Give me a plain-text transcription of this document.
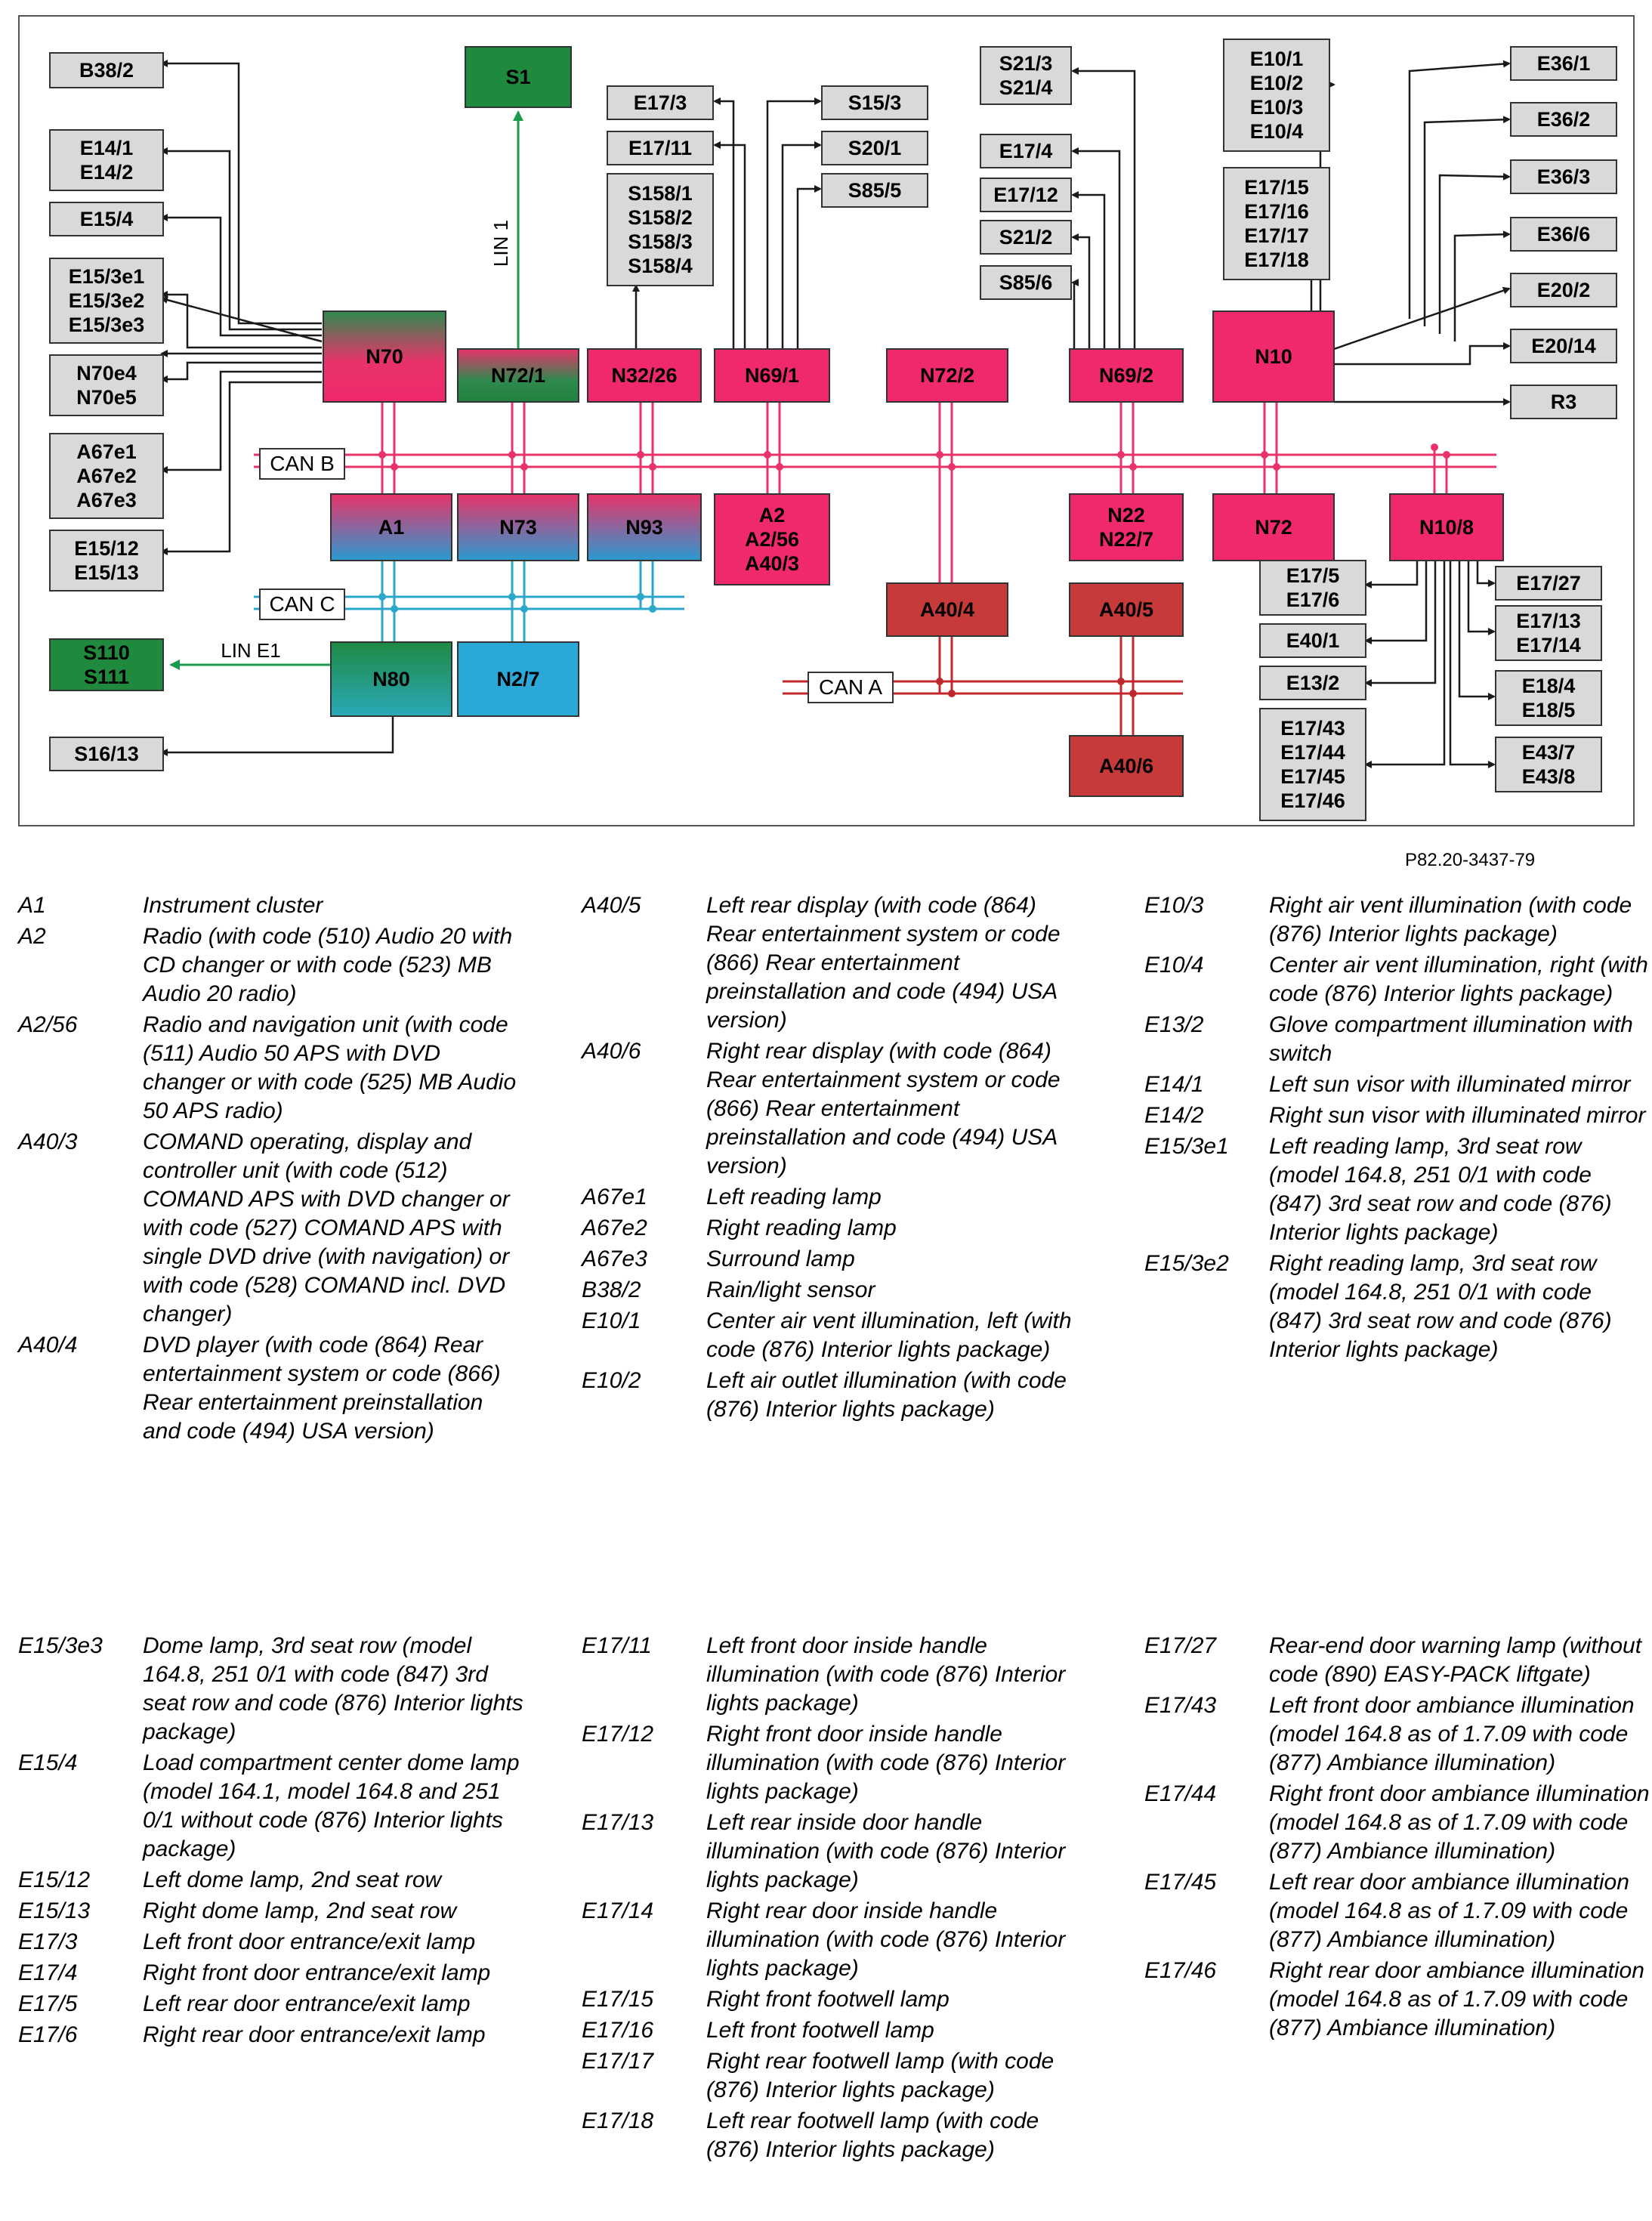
CAN B
CAN C
CAN A
LIN 1
LIN E1
B38/2
E14/1 E14/2
E15/4
E15/3e1 E15/3e2 E15/3e3
N70e4 N70e5
A67e1 A67e2 A67e3
E15/12 E15/13
S110 S111
S16/13
S1
E17/3
E17/11
S158/1 S158/2 S158/3 S158/4
S15/3
S20/1
S85/5
S21/3 S21/4
E17/4
E17/12
S21/2
S85/6
E10/1 E10/2 E10/3 E10/4
E17/15 E17/16 E17/17 E17/18
E36/1
E36/2
E36/3
E36/6
E20/2
E20/14
R3
E17/5 E17/6
E40/1
E13/2
E17/43 E17/44 E17/45 E17/46
E17/27
E17/13 E17/14
E18/4 E18/5
E43/7 E43/8
N70
N72/1	N32/26	N69/1	N72/2	N69/2
N10
A1	N73	N93
A2 A2/56 A40/3
N22 N22/7
N72	N10/8
N80	N2/7
A40/4	A40/5
A40/6
P82.20-3437-79
A1	Instrument cluster
A2	Radio (with code (510) Audio 20 with CD changer or with code (523) MB Audio 20 radio)
A2/56	Radio and navigation unit (with code (511) Audio 50 APS with DVD changer or with code (525) MB Audio 50 APS radio)
A40/3	COMAND operating, display and controller unit (with code (512) COMAND APS with DVD changer or with code (527) COMAND APS with single DVD drive (with navigation) or with code (528) COMAND incl. DVD changer)
A40/4	DVD player (with code (864) Rear entertainment system or code (866) Rear entertainment preinstallation and code (494) USA version)
A40/5	Left rear display (with code (864) Rear entertainment system or code (866) Rear entertainment preinstallation and code (494) USA version)
A40/6	Right rear display (with code (864) Rear entertainment system or code (866) Rear entertainment preinstallation and code (494) USA version)
A67e1	Left reading lamp
A67e2	Right reading lamp
A67e3	Surround lamp
B38/2	Rain/light sensor
E10/1	Center air vent illumination, left (with code (876) Interior lights package)
E10/2	Left air outlet illumination (with code (876) Interior lights package)
E10/3	Right air vent illumination (with code (876) Interior lights package)
E10/4	Center air vent illumination, right (with code (876) Interior lights package)
E13/2	Glove compartment illumination with switch
E14/1	Left sun visor with illuminated mirror
E14/2	Right sun visor with illuminated mirror
E15/3e1	Left reading lamp, 3rd seat row (model 164.8, 251 0/1 with code (847) 3rd seat row and code (876) Interior lights package)
E15/3e2	Right reading lamp, 3rd seat row (model 164.8, 251 0/1 with code (847) 3rd seat row and code (876) Interior lights package)
E15/3e3	Dome lamp, 3rd seat row (model 164.8, 251 0/1 with code (847) 3rd seat row and code (876) Interior lights package)
E15/4	Load compartment center dome lamp (model 164.1, model 164.8 and 251 0/1 without code (876) Interior lights package)
E15/12	Left dome lamp, 2nd seat row
E15/13	Right dome lamp, 2nd seat row
E17/3	Left front door entrance/exit lamp
E17/4	Right front door entrance/exit lamp
E17/5	Left rear door entrance/exit lamp
E17/6	Right rear door entrance/exit lamp
E17/11	Left front door inside handle illumination (with code (876) Interior lights package)
E17/12	Right front door inside handle illumination (with code (876) Interior lights package)
E17/13	Left rear inside door handle illumination (with code (876) Interior lights package)
E17/14	Right rear door inside handle illumination (with code (876) Interior lights package)
E17/15	Right front footwell lamp
E17/16	Left front footwell lamp
E17/17	Right rear footwell lamp (with code (876) Interior lights package)
E17/18	Left rear footwell lamp (with code (876) Interior lights package)
E17/27	Rear-end door warning lamp (without code (890) EASY-PACK liftgate)
E17/43	Left front door ambiance illumination (model 164.8 as of 1.7.09 with code (877) Ambiance illumination)
E17/44	Right front door ambiance illumination (model 164.8 as of 1.7.09 with code (877) Ambiance illumination)
E17/45	Left rear door ambiance illumination (model 164.8 as of 1.7.09 with code (877) Ambiance illumination)
E17/46	Right rear door ambiance illumination (model 164.8 as of 1.7.09 with code (877) Ambiance illumination)
